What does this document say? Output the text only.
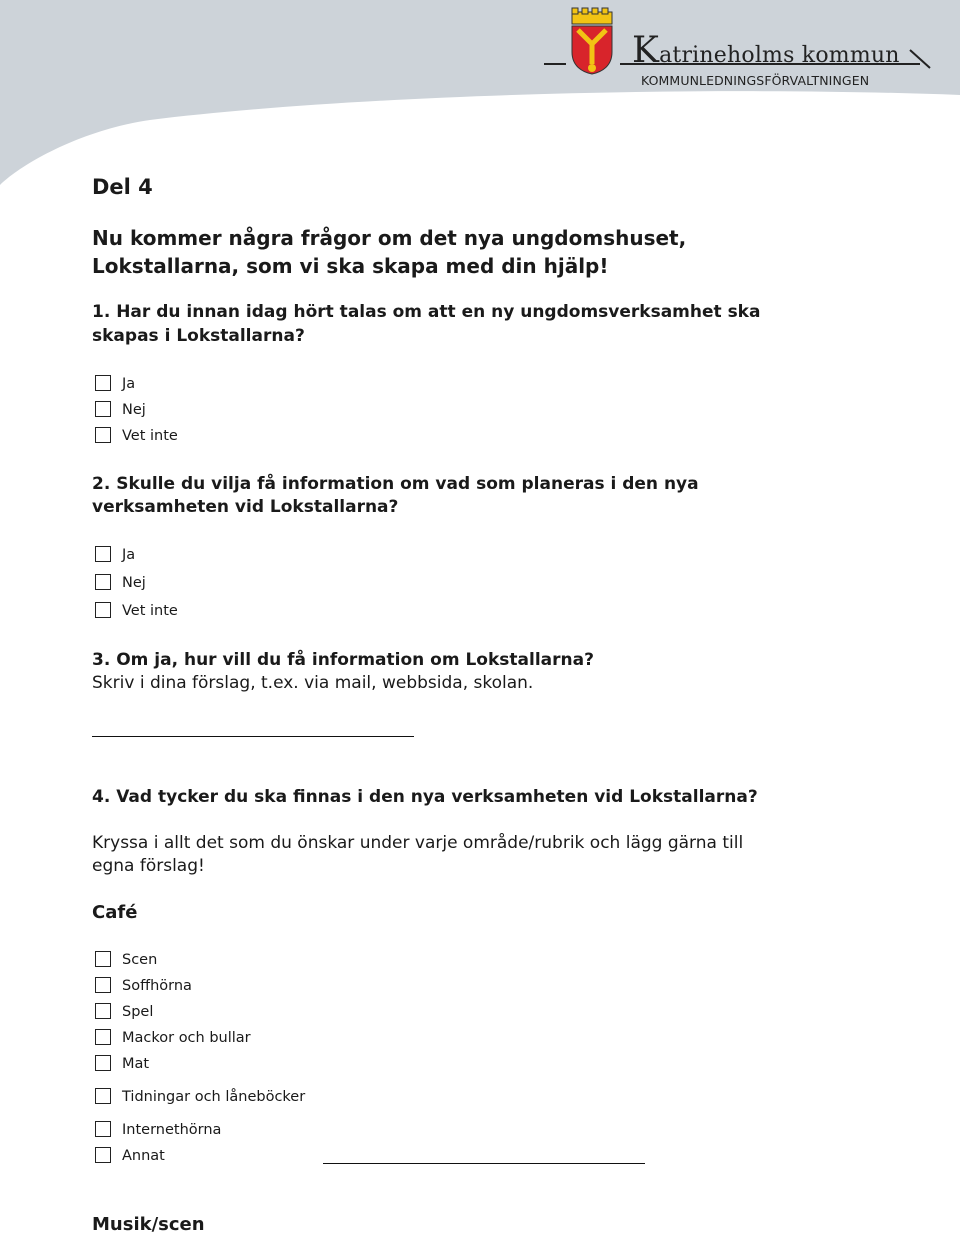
Katrineholms kommun
KOMMUNLEDNINGSFÖRVALTNINGEN
Del 4
Nu kommer några frågor om det nya ungdomshuset,
Lokstallarna, som vi ska skapa med din hjälp!
1. Har du innan idag hört talas om att en ny ungdomsverksamhet ska
skapas i Lokstallarna?
Ja
Nej
Vet inte
2. Skulle du vilja få information om vad som planeras i den nya
verksamheten vid Lokstallarna?
Ja
Nej
Vet inte
3. Om ja, hur vill du få information om Lokstallarna?
Skriv i dina förslag, t.ex. via mail, webbsida, skolan.
4. Vad tycker du ska finnas i den nya verksamheten vid Lokstallarna?
Kryssa i allt det som du önskar under varje område/rubrik och lägg gärna till
egna förslag!
Café
Scen
Soffhörna
Spel
Mackor och bullar
Mat
Tidningar och låneböcker
Internethörna
Annat
Musik/scen
